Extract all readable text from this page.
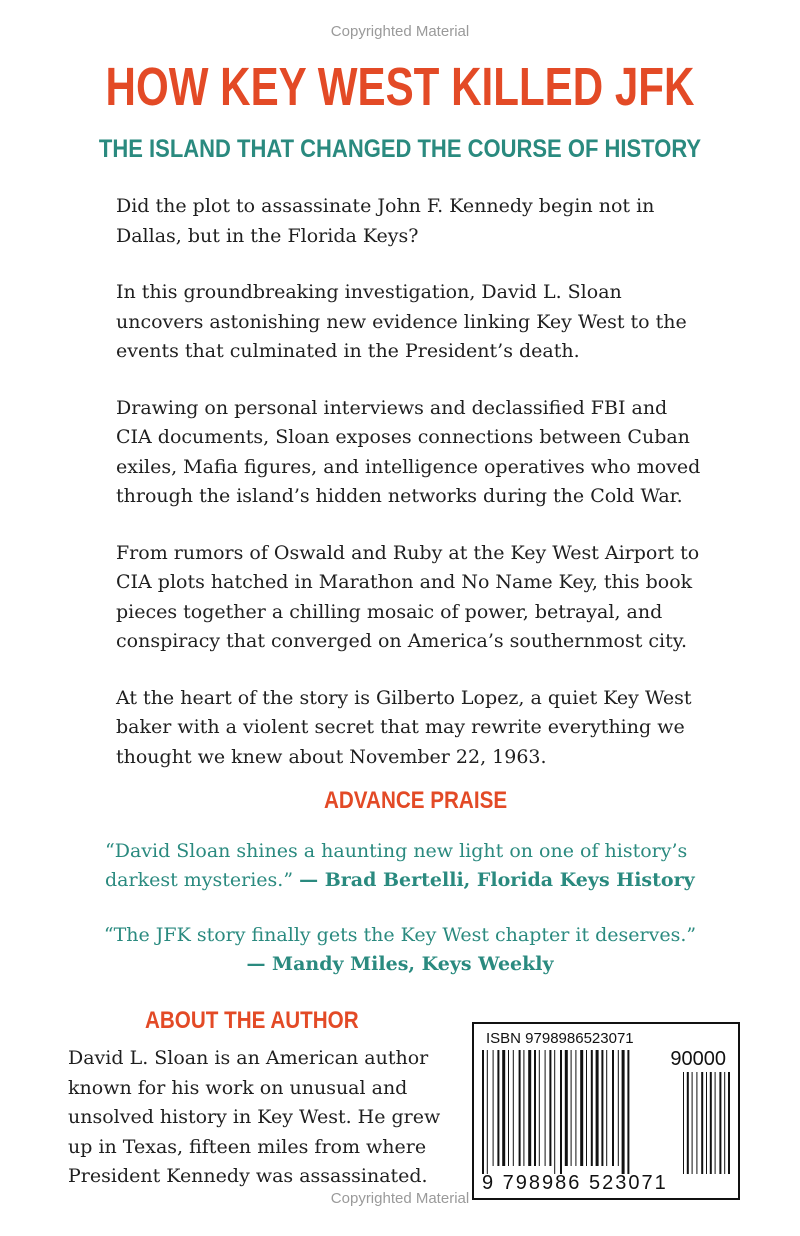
Copyrighted Material
HOW KEY WEST KILLED JFK
THE ISLAND THAT CHANGED THE COURSE OF HISTORY

Did the plot to assassinate John F. Kennedy begin not in Dallas, but in the Florida Keys?

In this groundbreaking investigation, David L. Sloan uncovers astonishing new evidence linking Key West to the events that culminated in the President’s death.

Drawing on personal interviews and declassified FBI and CIA documents, Sloan exposes connections between Cuban exiles, Mafia figures, and intelligence operatives who moved through the island’s hidden networks during the Cold War.

From rumors of Oswald and Ruby at the Key West Airport to CIA plots hatched in Marathon and No Name Key, this book pieces together a chilling mosaic of power, betrayal, and conspiracy that converged on America’s southernmost city.

At the heart of the story is Gilberto Lopez, a quiet Key West baker with a violent secret that may rewrite everything we thought we knew about November 22, 1963.

ADVANCE PRAISE
“David Sloan shines a haunting new light on one of history’s darkest mysteries.” — Brad Bertelli, Florida Keys History
“The JFK story finally gets the Key West chapter it deserves.”
— Mandy Miles, Keys Weekly
ABOUT THE AUTHOR

David L. Sloan is an American author known for his work on unusual and unsolved history in Key West. He grew up in Texas, fifteen miles from where President Kennedy was assassinated.

ISBN 9798986523071
90000
9 798986 523071
Copyrighted Material
